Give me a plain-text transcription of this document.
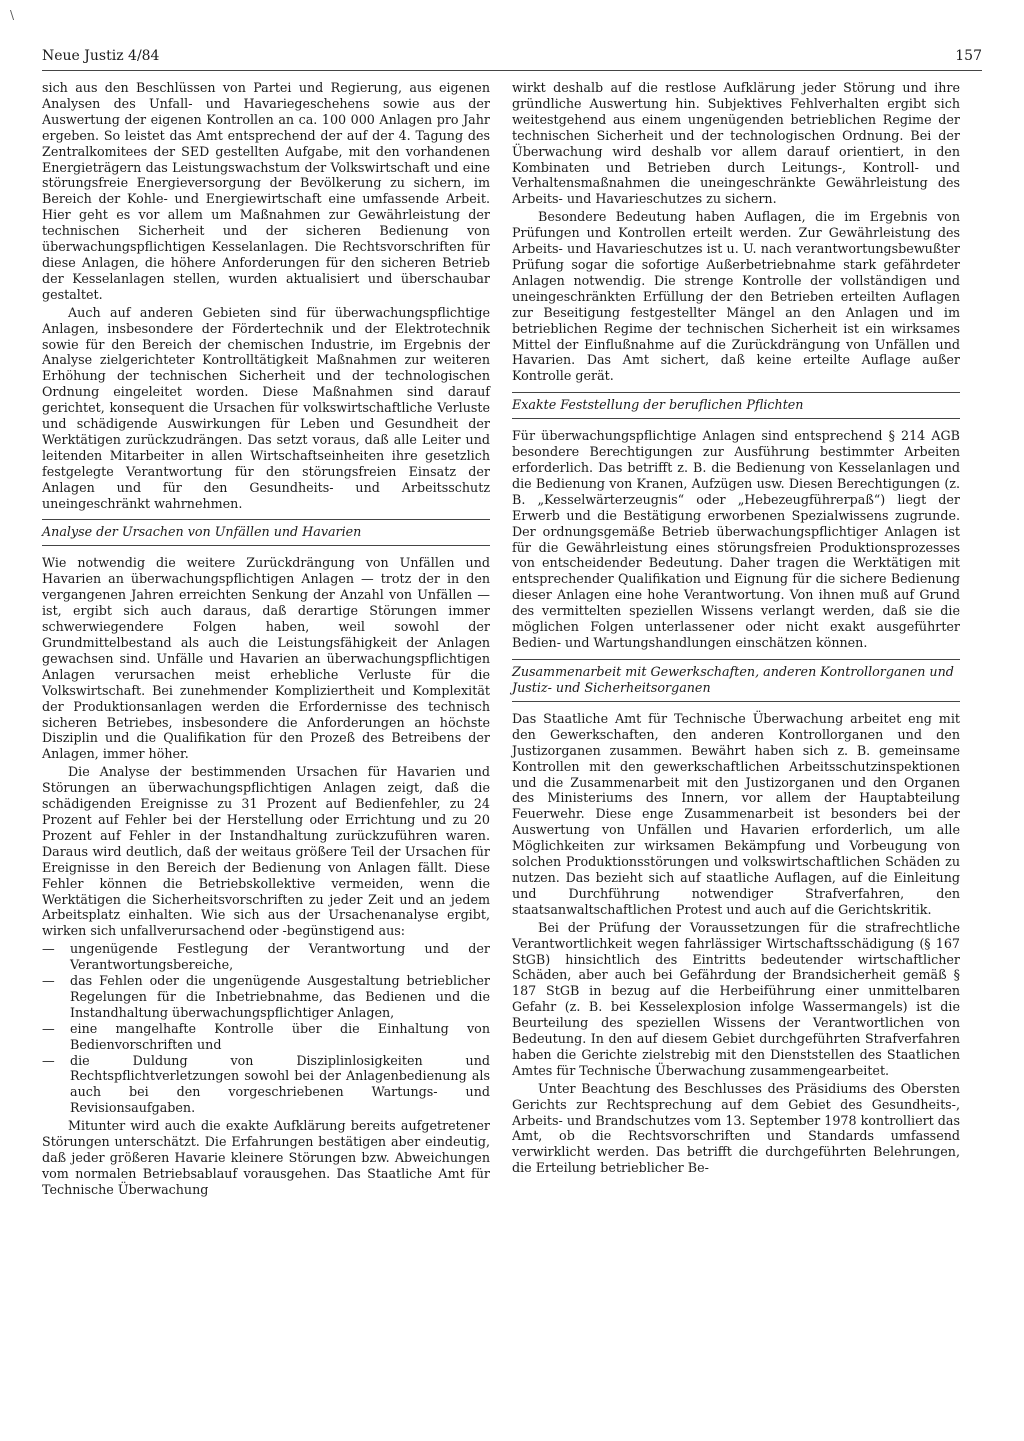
\
Neue Justiz 4/84	157

sich aus den Beschlüssen von Partei und Regierung, aus eigenen Analysen des Unfall- und Havariegeschehens sowie aus der Auswertung der eigenen Kontrollen an ca. 100 000 Anlagen pro Jahr ergeben. So leistet das Amt entsprechend der auf der 4. Tagung des Zentralkomitees der SED gestellten Aufgabe, mit den vorhandenen Energieträgern das Leistungswachstum der Volkswirtschaft und eine störungsfreie Energieversorgung der Bevölkerung zu sichern, im Bereich der Kohle- und Energiewirtschaft eine umfassende Arbeit. Hier geht es vor allem um Maßnahmen zur Gewährleistung der technischen Sicherheit und der sicheren Bedienung von überwachungspflichtigen Kesselanlagen. Die Rechtsvorschriften für diese Anlagen, die höhere Anforderungen für den sicheren Betrieb der Kesselanlagen stellen, wurden aktualisiert und überschaubar gestaltet.

Auch auf anderen Gebieten sind für überwachungspflichtige Anlagen, insbesondere der Fördertechnik und der Elektrotechnik sowie für den Bereich der chemischen Industrie, im Ergebnis der Analyse zielgerichteter Kontrolltätigkeit Maßnahmen zur weiteren Erhöhung der technischen Sicherheit und der technologischen Ordnung eingeleitet worden. Diese Maßnahmen sind darauf gerichtet, konsequent die Ursachen für volkswirtschaftliche Verluste und schädigende Auswirkungen für Leben und Gesundheit der Werktätigen zurückzudrängen. Das setzt voraus, daß alle Leiter und leitenden Mitarbeiter in allen Wirtschaftseinheiten ihre gesetzlich festgelegte Verantwortung für den störungsfreien Einsatz der Anlagen und für den Gesundheits- und Arbeitsschutz uneingeschränkt wahrnehmen.

Analyse der Ursachen von Unfällen und Havarien

Wie notwendig die weitere Zurückdrängung von Unfällen und Havarien an überwachungspflichtigen Anlagen — trotz der in den vergangenen Jahren erreichten Senkung der Anzahl von Unfällen — ist, ergibt sich auch daraus, daß derartige Störungen immer schwerwiegendere Folgen haben, weil sowohl der Grundmittelbestand als auch die Leistungsfähigkeit der Anlagen gewachsen sind. Unfälle und Havarien an überwachungspflichtigen Anlagen verursachen meist erhebliche Verluste für die Volkswirtschaft. Bei zunehmender Kompliziertheit und Komplexität der Produktionsanlagen werden die Erfordernisse des technisch sicheren Betriebes, insbesondere die Anforderungen an höchste Disziplin und die Qualifikation für den Prozeß des Betreibens der Anlagen, immer höher.

Die Analyse der bestimmenden Ursachen für Havarien und Störungen an überwachungspflichtigen Anlagen zeigt, daß die schädigenden Ereignisse zu 31 Prozent auf Bedienfehler, zu 24 Prozent auf Fehler bei der Herstellung oder Errichtung und zu 20 Prozent auf Fehler in der Instandhaltung zurückzuführen waren. Daraus wird deutlich, daß der weitaus größere Teil der Ursachen für Ereignisse in den Bereich der Bedienung von Anlagen fällt. Diese Fehler können die Betriebskollektive vermeiden, wenn die Werktätigen die Sicherheitsvorschriften zu jeder Zeit und an jedem Arbeitsplatz einhalten. Wie sich aus der Ursachenanalyse ergibt, wirken sich unfallverursachend oder -begünstigend aus:

— ungenügende Festlegung der Verantwortung und der Verantwortungsbereiche,
— das Fehlen oder die ungenügende Ausgestaltung betrieblicher Regelungen für die Inbetriebnahme, das Bedienen und die Instandhaltung überwachungspflichtiger Anlagen,
— eine mangelhafte Kontrolle über die Einhaltung von Bedienvorschriften und
— die Duldung von Disziplinlosigkeiten und Rechtspflichtverletzungen sowohl bei der Anlagenbedienung als auch bei den vorgeschriebenen Wartungs- und Revisionsaufgaben.

Mitunter wird auch die exakte Aufklärung bereits aufgetretener Störungen unterschätzt. Die Erfahrungen bestätigen aber eindeutig, daß jeder größeren Havarie kleinere Störungen bzw. Abweichungen vom normalen Betriebsablauf vorausgehen. Das Staatliche Amt für Technische Überwachung

wirkt deshalb auf die restlose Aufklärung jeder Störung und ihre gründliche Auswertung hin. Subjektives Fehlverhalten ergibt sich weitestgehend aus einem ungenügenden betrieblichen Regime der technischen Sicherheit und der technologischen Ordnung. Bei der Überwachung wird deshalb vor allem darauf orientiert, in den Kombinaten und Betrieben durch Leitungs-, Kontroll- und Verhaltensmaßnahmen die uneingeschränkte Gewährleistung des Arbeits- und Havarieschutzes zu sichern.

Besondere Bedeutung haben Auflagen, die im Ergebnis von Prüfungen und Kontrollen erteilt werden. Zur Gewährleistung des Arbeits- und Havarieschutzes ist u. U. nach verantwortungsbewußter Prüfung sogar die sofortige Außerbetriebnahme stark gefährdeter Anlagen notwendig. Die strenge Kontrolle der vollständigen und uneingeschränkten Erfüllung der den Betrieben erteilten Auflagen zur Beseitigung festgestellter Mängel an den Anlagen und im betrieblichen Regime der technischen Sicherheit ist ein wirksames Mittel der Einflußnahme auf die Zurückdrängung von Unfällen und Havarien. Das Amt sichert, daß keine erteilte Auflage außer Kontrolle gerät.

Exakte Feststellung der beruflichen Pflichten

Für überwachungspflichtige Anlagen sind entsprechend § 214 AGB besondere Berechtigungen zur Ausführung bestimmter Arbeiten erforderlich. Das betrifft z. B. die Bedienung von Kesselanlagen und die Bedienung von Kranen, Aufzügen usw. Diesen Berechtigungen (z. B. „Kesselwärterzeugnis“ oder „Hebezeugführerpaß“) liegt der Erwerb und die Bestätigung erworbenen Spezialwissens zugrunde. Der ordnungsgemäße Betrieb überwachungspflichtiger Anlagen ist für die Gewährleistung eines störungsfreien Produktionsprozesses von entscheidender Bedeutung. Daher tragen die Werktätigen mit entsprechender Qualifikation und Eignung für die sichere Bedienung dieser Anlagen eine hohe Verantwortung. Von ihnen muß auf Grund des vermittelten speziellen Wissens verlangt werden, daß sie die möglichen Folgen unterlassener oder nicht exakt ausgeführter Bedien- und Wartungshandlungen einschätzen können.

Zusammenarbeit mit Gewerkschaften, anderen Kontrollorganen und Justiz- und Sicherheitsorganen

Das Staatliche Amt für Technische Überwachung arbeitet eng mit den Gewerkschaften, den anderen Kontrollorganen und den Justizorganen zusammen. Bewährt haben sich z. B. gemeinsame Kontrollen mit den gewerkschaftlichen Arbeitsschutzinspektionen und die Zusammenarbeit mit den Justizorganen und den Organen des Ministeriums des Innern, vor allem der Hauptabteilung Feuerwehr. Diese enge Zusammenarbeit ist besonders bei der Auswertung von Unfällen und Havarien erforderlich, um alle Möglichkeiten zur wirksamen Bekämpfung und Vorbeugung von solchen Produktionsstörungen und volkswirtschaftlichen Schäden zu nutzen. Das bezieht sich auf staatliche Auflagen, auf die Einleitung und Durchführung notwendiger Strafverfahren, den staatsanwaltschaftlichen Protest und auch auf die Gerichtskritik.

Bei der Prüfung der Voraussetzungen für die strafrechtliche Verantwortlichkeit wegen fahrlässiger Wirtschaftsschädigung (§ 167 StGB) hinsichtlich des Eintritts bedeutender wirtschaftlicher Schäden, aber auch bei Gefährdung der Brandsicherheit gemäß § 187 StGB in bezug auf die Herbeiführung einer unmittelbaren Gefahr (z. B. bei Kesselexplosion infolge Wassermangels) ist die Beurteilung des speziellen Wissens der Verantwortlichen von Bedeutung. In den auf diesem Gebiet durchgeführten Strafverfahren haben die Gerichte zielstrebig mit den Dienststellen des Staatlichen Amtes für Technische Überwachung zusammengearbeitet.

Unter Beachtung des Beschlusses des Präsidiums des Obersten Gerichts zur Rechtsprechung auf dem Gebiet des Gesundheits-, Arbeits- und Brandschutzes vom 13. September 1978 kontrolliert das Amt, ob die Rechtsvorschriften und Standards umfassend verwirklicht werden. Das betrifft die durchgeführten Belehrungen, die Erteilung betrieblicher Be-
